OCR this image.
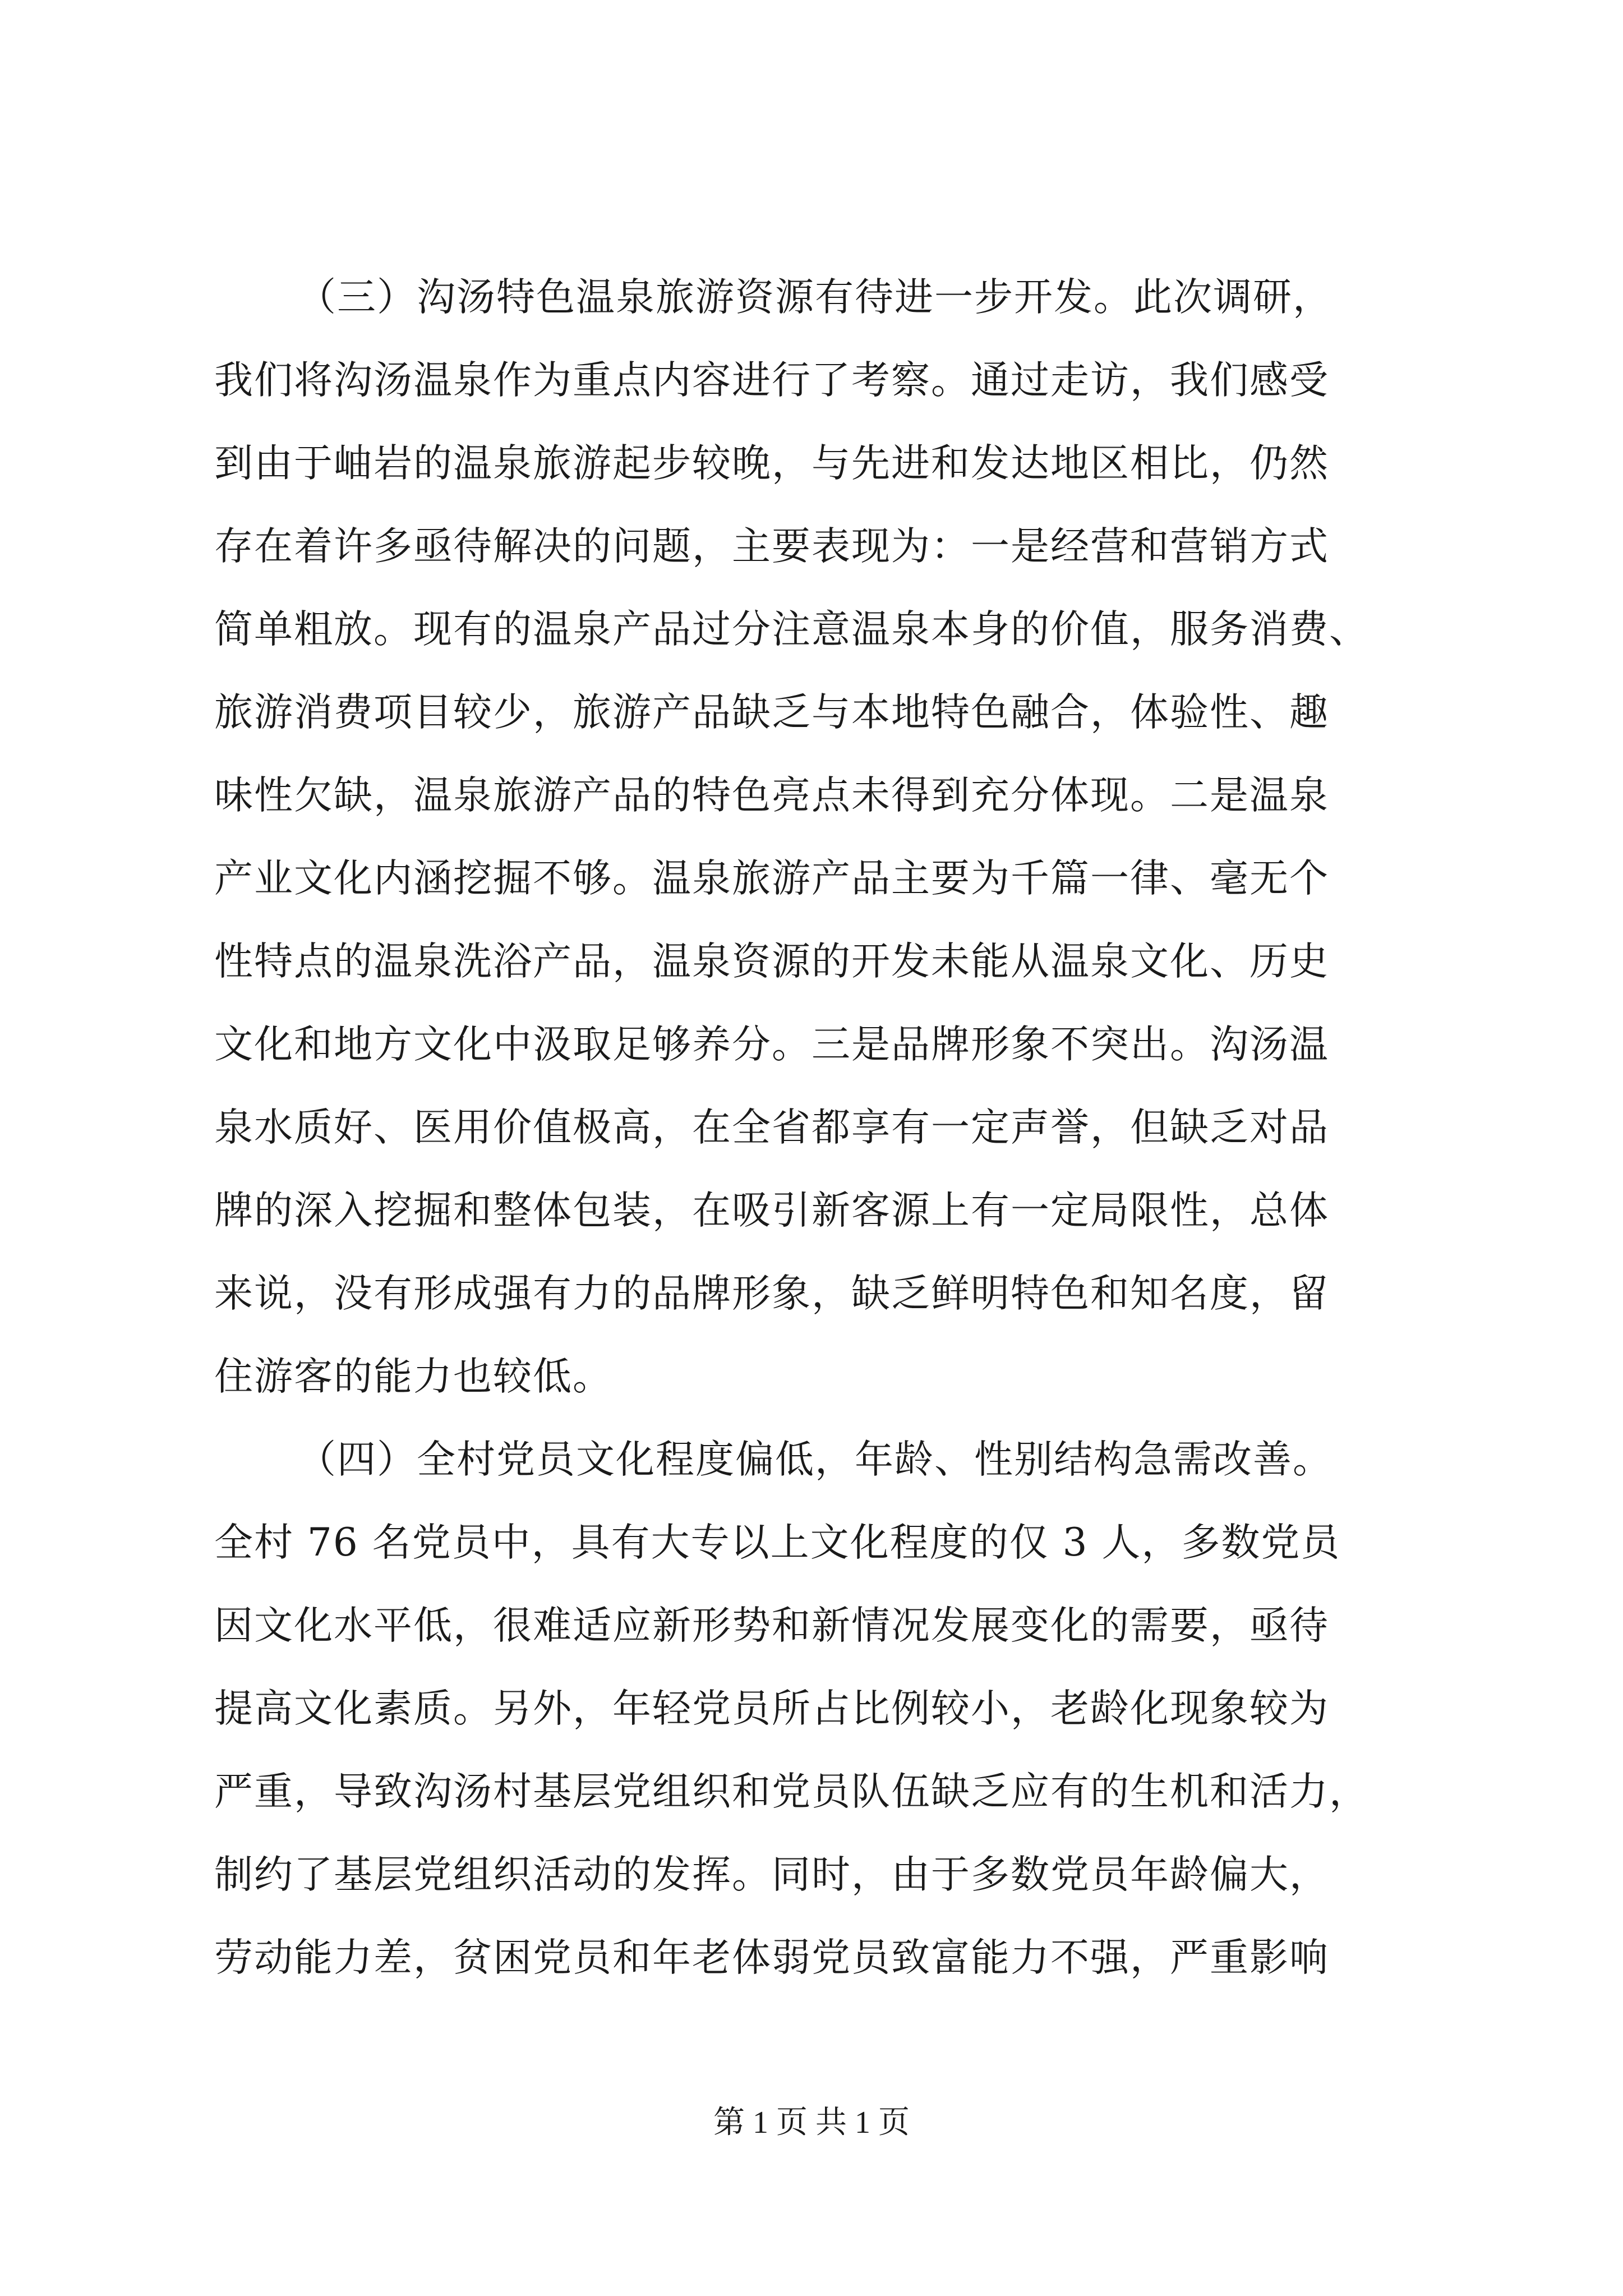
（三）沟汤特色温泉旅游资源有待进一步开发。此次调研，
我们将沟汤温泉作为重点内容进行了考察。通过走访，我们感受
到由于岫岩的温泉旅游起步较晚，与先进和发达地区相比，仍然
存在着许多亟待解决的问题，主要表现为：一是经营和营销方式
简单粗放。现有的温泉产品过分注意温泉本身的价值，服务消费、
旅游消费项目较少，旅游产品缺乏与本地特色融合，体验性、趣
味性欠缺，温泉旅游产品的特色亮点未得到充分体现。二是温泉
产业文化内涵挖掘不够。温泉旅游产品主要为千篇一律、毫无个
性特点的温泉洗浴产品，温泉资源的开发未能从温泉文化、历史
文化和地方文化中汲取足够养分。三是品牌形象不突出。沟汤温
泉水质好、医用价值极高，在全省都享有一定声誉，但缺乏对品
牌的深入挖掘和整体包装，在吸引新客源上有一定局限性，总体
来说，没有形成强有力的品牌形象，缺乏鲜明特色和知名度，留
住游客的能力也较低。
（四）全村党员文化程度偏低，年龄、性别结构急需改善。
全村 76 名党员中，具有大专以上文化程度的仅 3 人，多数党员
因文化水平低，很难适应新形势和新情况发展变化的需要，亟待
提高文化素质。另外，年轻党员所占比例较小，老龄化现象较为
严重，导致沟汤村基层党组织和党员队伍缺乏应有的生机和活力，
制约了基层党组织活动的发挥。同时，由于多数党员年龄偏大，
劳动能力差，贫困党员和年老体弱党员致富能力不强，严重影响
第 1 页 共 1 页
